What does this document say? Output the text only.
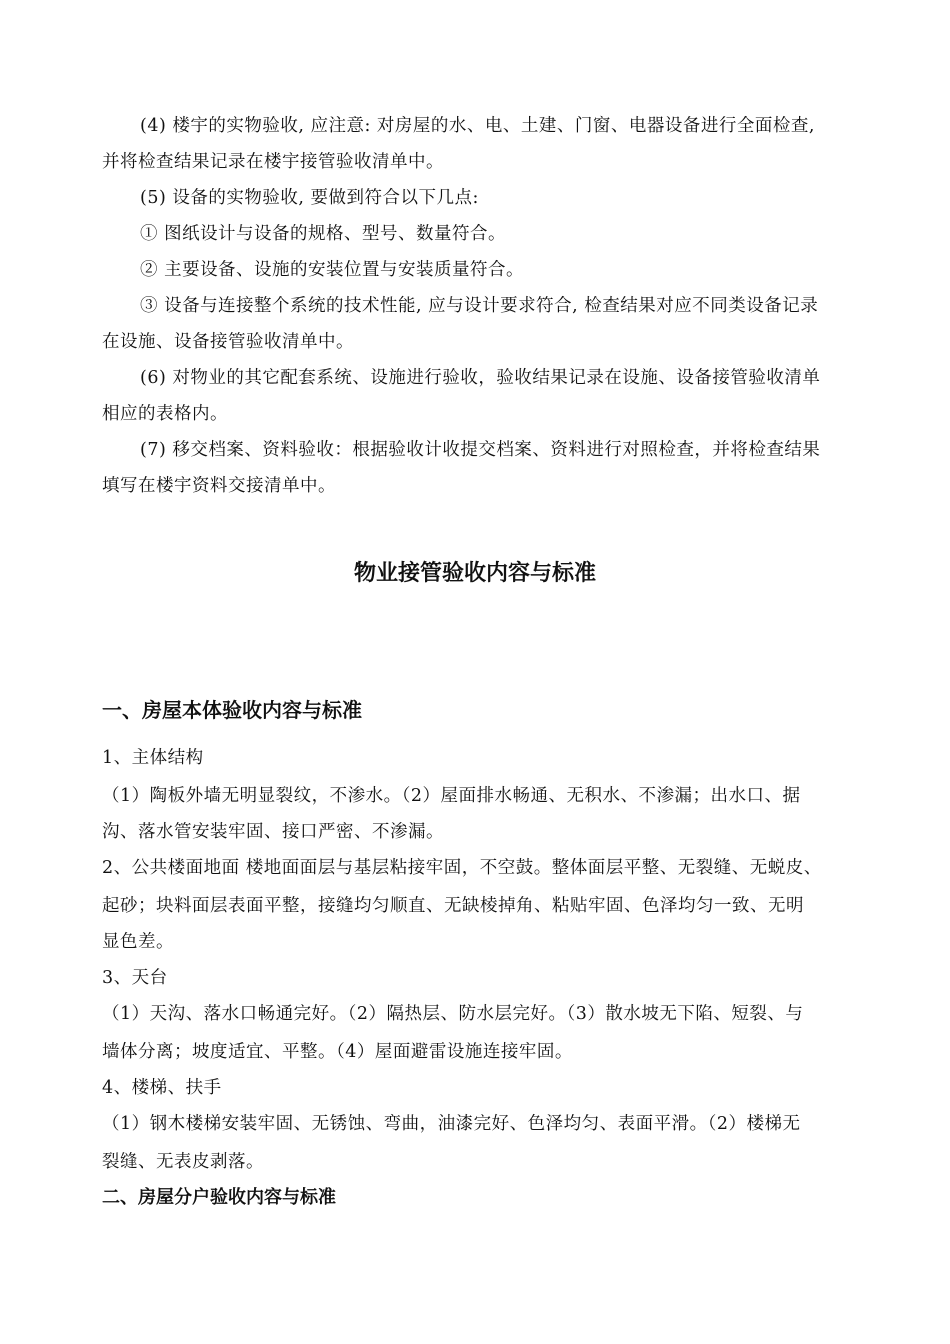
(4) 楼宇的实物验收, 应注意: 对房屋的水、电、土建、门窗、电器设备进行全面检查,
并将检查结果记录在楼宇接管验收清单中。
(5) 设备的实物验收, 要做到符合以下几点:
① 图纸设计与设备的规格、型号、数量符合。
② 主要设备、设施的安装位置与安装质量符合。
③ 设备与连接整个系统的技术性能, 应与设计要求符合, 检查结果对应不同类设备记录
在设施、设备接管验收清单中。
(6) 对物业的其它配套系统、设施进行验收，验收结果记录在设施、设备接管验收清单
相应的表格内。
(7) 移交档案、资料验收：根据验收计收提交档案、资料进行对照检查，并将检查结果
填写在楼宇资料交接清单中。
物业接管验收内容与标准
一、房屋本体验收内容与标准
1、主体结构
（1）陶板外墙无明显裂纹，不渗水。（2）屋面排水畅通、无积水、不渗漏；出水口、据
沟、落水管安装牢固、接口严密、不渗漏。
2、公共楼面地面 楼地面面层与基层粘接牢固，不空鼓。整体面层平整、无裂缝、无蜕皮、
起砂；块料面层表面平整，接缝均匀顺直、无缺棱掉角、粘贴牢固、色泽均匀一致、无明
显色差。
3、天台
（1）天沟、落水口畅通完好。（2）隔热层、防水层完好。（3）散水坡无下陷、短裂、与
墙体分离；坡度适宜、平整。（4）屋面避雷设施连接牢固。
4、楼梯、扶手
（1）钢木楼梯安装牢固、无锈蚀、弯曲，油漆完好、色泽均匀、表面平滑。（2）楼梯无
裂缝、无表皮剥落。
二、房屋分户验收内容与标准
